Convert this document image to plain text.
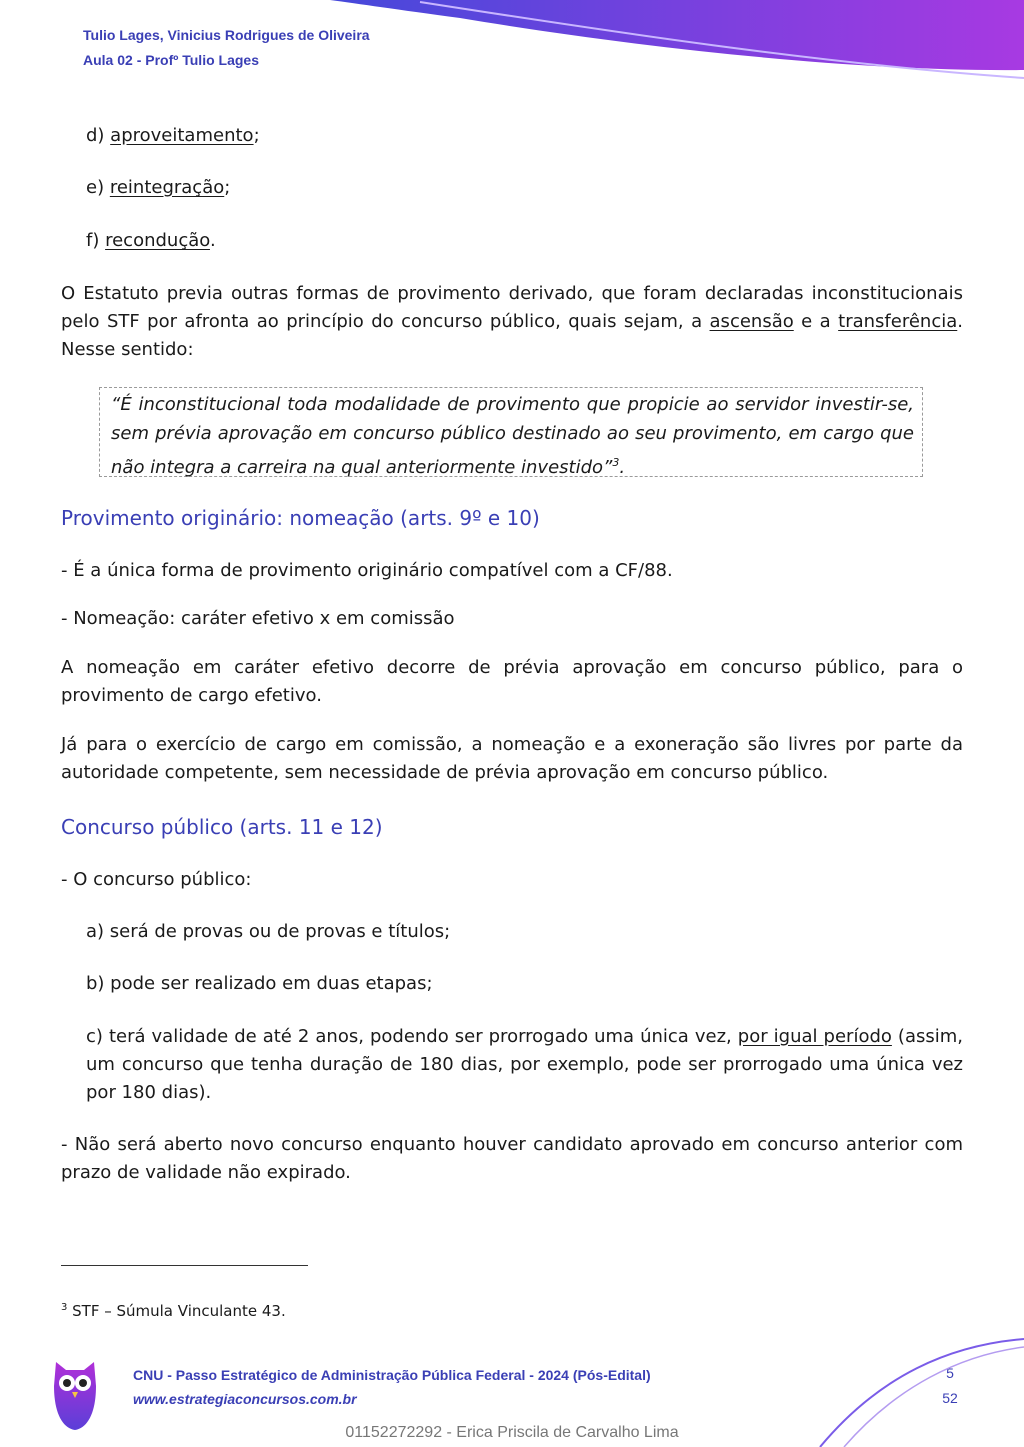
Tulio Lages, Vinicius Rodrigues de Oliveira
Aula 02 - Profº Tulio Lages

d) aproveitamento;

e) reintegração;

f) recondução.

O Estatuto previa outras formas de provimento derivado, que foram declaradas inconstitucionais pelo STF por afronta ao princípio do concurso público, quais sejam, a ascensão e a transferência. Nesse sentido:

“É inconstitucional toda modalidade de provimento que propicie ao servidor investir-se, sem prévia aprovação em concurso público destinado ao seu provimento, em cargo que não integra a carreira na qual anteriormente investido”$^3$.

Provimento originário: nomeação (arts. 9º e 10)

- É a única forma de provimento originário compatível com a CF/88.

- Nomeação: caráter efetivo x em comissão

A nomeação em caráter efetivo decorre de prévia aprovação em concurso público, para o provimento de cargo efetivo.

Já para o exercício de cargo em comissão, a nomeação e a exoneração são livres por parte da autoridade competente, sem necessidade de prévia aprovação em concurso público.

Concurso público (arts. 11 e 12)

- O concurso público:

a) será de provas ou de provas e títulos;

b) pode ser realizado em duas etapas;

c) terá validade de até 2 anos, podendo ser prorrogado uma única vez, por igual período (assim, um concurso que tenha duração de 180 dias, por exemplo, pode ser prorrogado uma única vez por 180 dias).

- Não será aberto novo concurso enquanto houver candidato aprovado em concurso anterior com prazo de validade não expirado.

$^3$ STF – Súmula Vinculante 43.

CNU - Passo Estratégico de Administração Pública Federal - 2024 (Pós-Edital)
www.estrategiaconcursos.com.br
5
52
01152272292 - Erica Priscila de Carvalho Lima
